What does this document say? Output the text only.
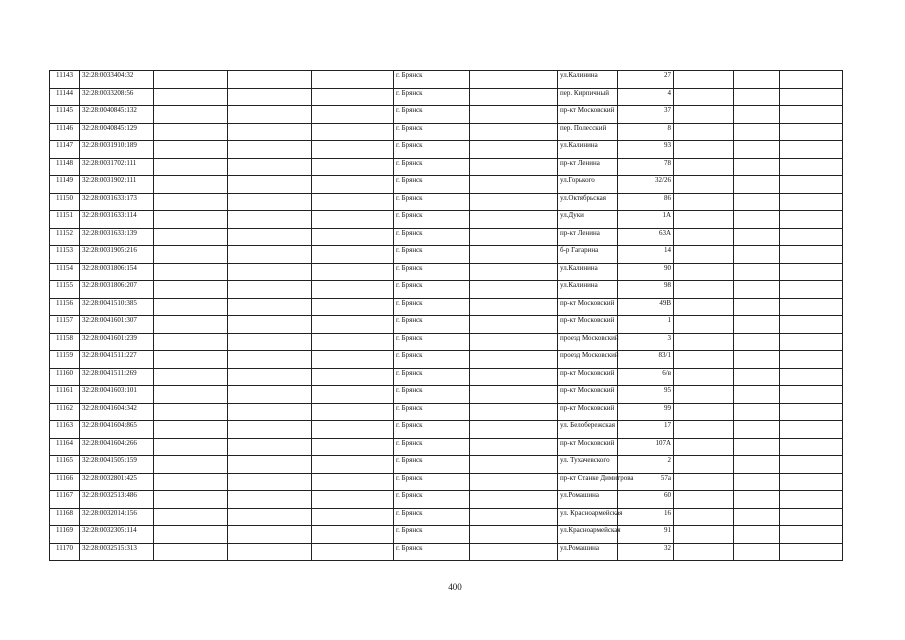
11143	32:28:0033404:32				г. Брянск		ул.Калинина	27			
11144	32:28:0033208:56				г. Брянск		пер. Кирпичный	4			
11145	32:28:0040845:132				г. Брянск		пр-кт Московский	37			
11146	32:28:0040845:129				г. Брянск		пер. Полесский	8			
11147	32:28:0031910:189				г. Брянск		ул.Калинина	93			
11148	32:28:0031702:111				г. Брянск		пр-кт Ленина	78			
11149	32:28:0031902:111				г. Брянск		ул.Горького	32/26			
11150	32:28:0031633:173				г. Брянск		ул.Октябрьская	86			
11151	32:28:0031633:114				г. Брянск		ул.Дуки	1А			
11152	32:28:0031633:139				г. Брянск		пр-кт Ленина	63А			
11153	32:28:0031905:216				г. Брянск		б-р Гагарина	14			
11154	32:28:0031806:154				г. Брянск		ул.Калинина	90			
11155	32:28:0031806:207				г. Брянск		ул.Калинина	98			
11156	32:28:0041510:385				г. Брянск		пр-кт Московский	49В			
11157	32:28:0041601:307				г. Брянск		пр-кт Московский	1			
11158	32:28:0041601:239				г. Брянск		проезд Московский	3			
11159	32:28:0041511:227				г. Брянск		проезд Московский	83/1			
11160	32:28:0041511:269				г. Брянск		пр-кт Московский	6/в			
11161	32:28:0041603:101				г. Брянск		пр-кт Московский	95			
11162	32:28:0041604:342				г. Брянск		пр-кт Московский	99			
11163	32:28:0041604:865				г. Брянск		ул. Белобережская	17			
11164	32:28:0041604:266				г. Брянск		пр-кт Московский	107А			
11165	32:28:0041505:159				г. Брянск		ул. Тухачевского	2			
11166	32:28:0032801:425				г. Брянск		пр-кт Станке Димитрова	57а			
11167	32:28:0032513:486				г. Брянск		ул.Ромашина	60			
11168	32:28:0032014:156				г. Брянск		ул. Красноармейская	16			
11169	32:28:0032305:114				г. Брянск		ул.Красноармейская	91			
11170	32:28:0032515:313				г. Брянск		ул.Ромашина	32			
400
